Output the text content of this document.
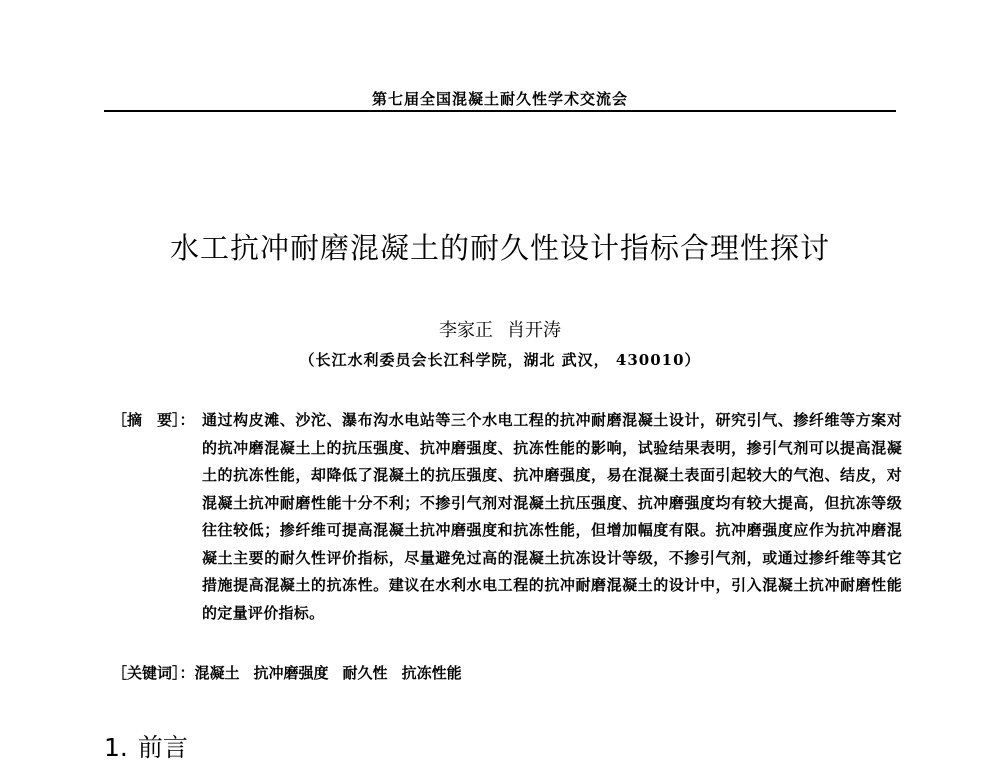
第七届全国混凝土耐久性学术交流会
水工抗冲耐磨混凝土的耐久性设计指标合理性探讨
李家正 肖开涛
（长江水利委员会长江科学院，湖北 武汉， 430010）
［摘　要］： 通过构皮滩、沙沱、瀑布沟水电站等三个水电工程的抗冲耐磨混凝土设计，研究引气、掺纤维等方案对的抗冲磨混凝土上的抗压强度、抗冲磨强度、抗冻性能的影响，试验结果表明，掺引气剂可以提高混凝土的抗冻性能，却降低了混凝土的抗压强度、抗冲磨强度，易在混凝土表面引起较大的气泡、结皮，对混凝土抗冲耐磨性能十分不利；不掺引气剂对混凝土抗压强度、抗冲磨强度均有较大提高，但抗冻等级往往较低；掺纤维可提高混凝土抗冲磨强度和抗冻性能，但增加幅度有限。抗冲磨强度应作为抗冲磨混凝土主要的耐久性评价指标，尽量避免过高的混凝土抗冻设计等级，不掺引气剂，或通过掺纤维等其它措施提高混凝土的抗冻性。建议在水利水电工程的抗冲耐磨混凝土的设计中，引入混凝土抗冲耐磨性能的定量评价指标。
［关键词］：混凝土 抗冲磨强度 耐久性 抗冻性能
1. 前言
